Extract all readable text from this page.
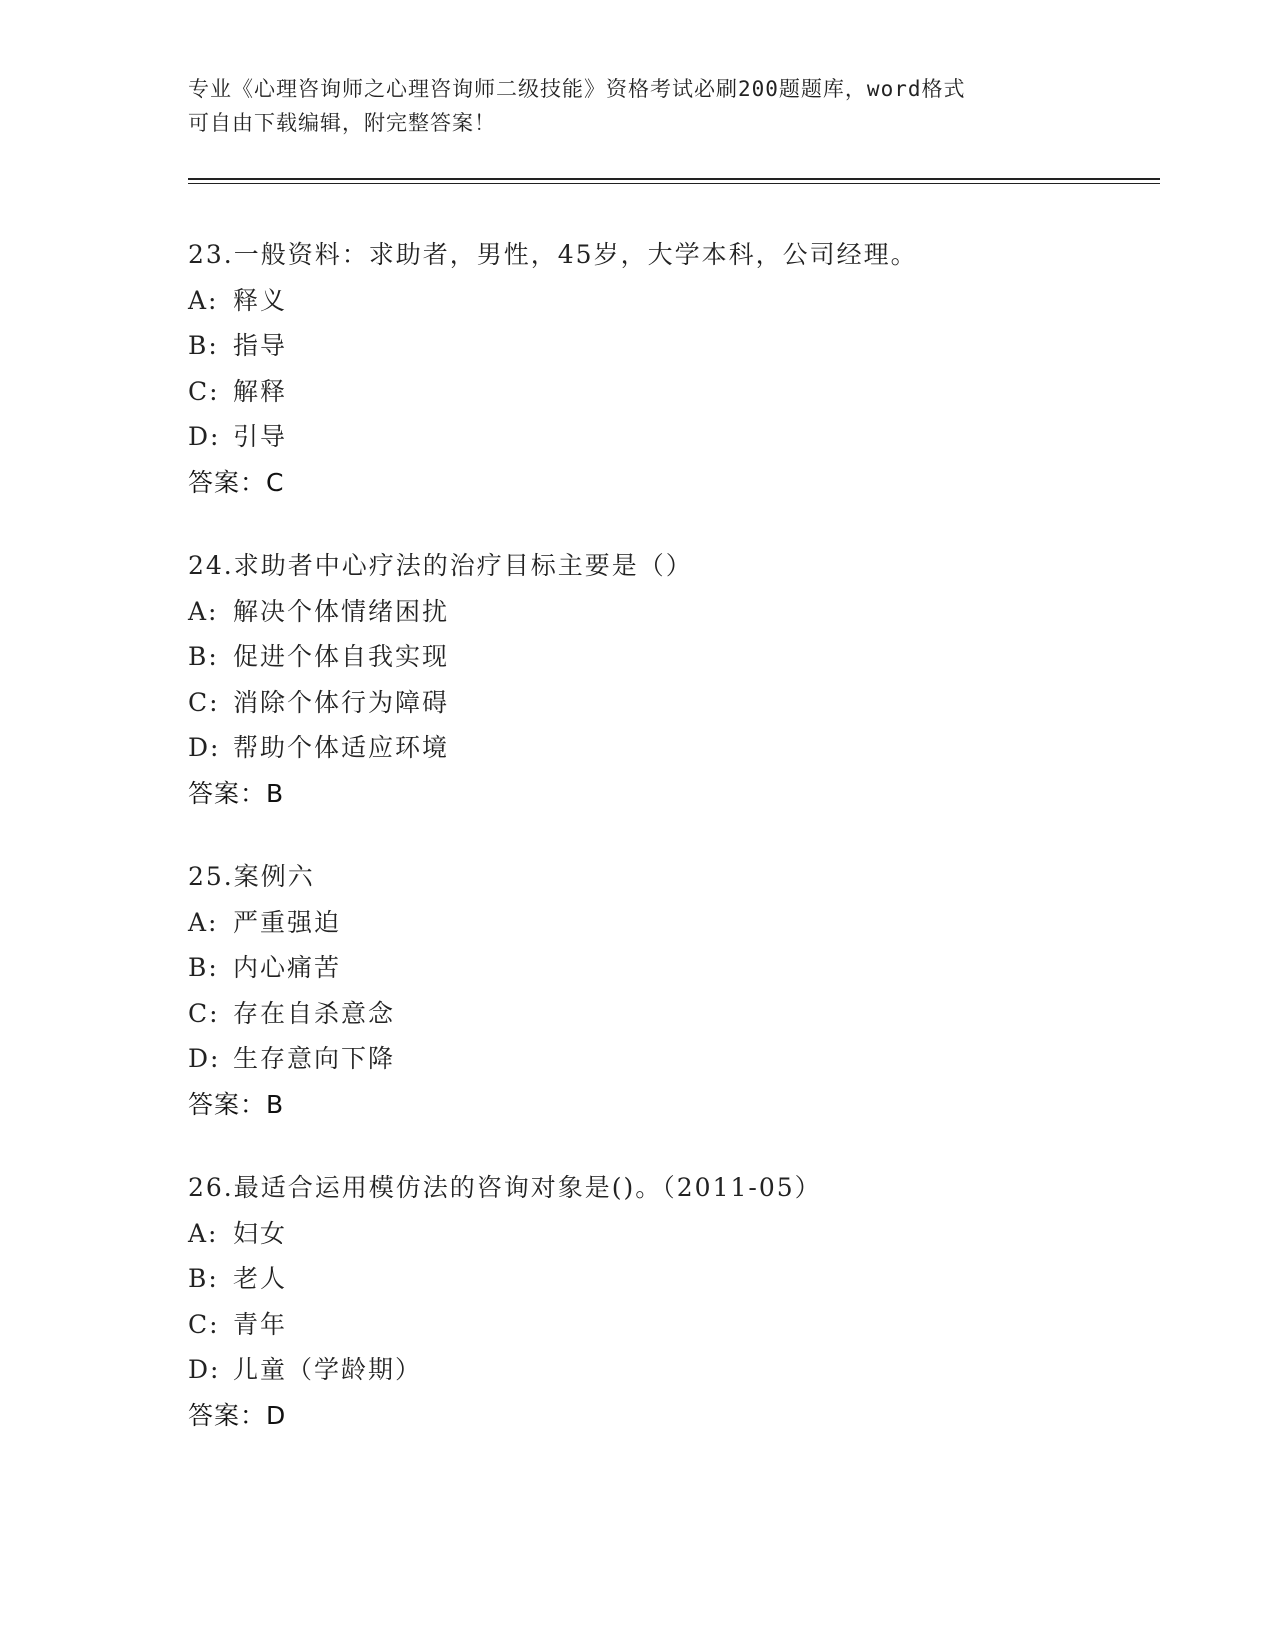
专业《心理咨询师之心理咨询师二级技能》资格考试必刷200题题库，word格式
可自由下载编辑，附完整答案！
23.一般资料：求助者，男性，45岁，大学本科，公司经理。
A: 释义
B: 指导
C: 解释
D: 引导
答案：C
24.求助者中心疗法的治疗目标主要是（）
A: 解决个体情绪困扰
B: 促进个体自我实现
C: 消除个体行为障碍
D: 帮助个体适应环境
答案：B
25.案例六
A: 严重强迫
B: 内心痛苦
C: 存在自杀意念
D: 生存意向下降
答案：B
26.最适合运用模仿法的咨询对象是()。（2011-05）
A: 妇女
B: 老人
C: 青年
D: 儿童（学龄期）
答案：D
